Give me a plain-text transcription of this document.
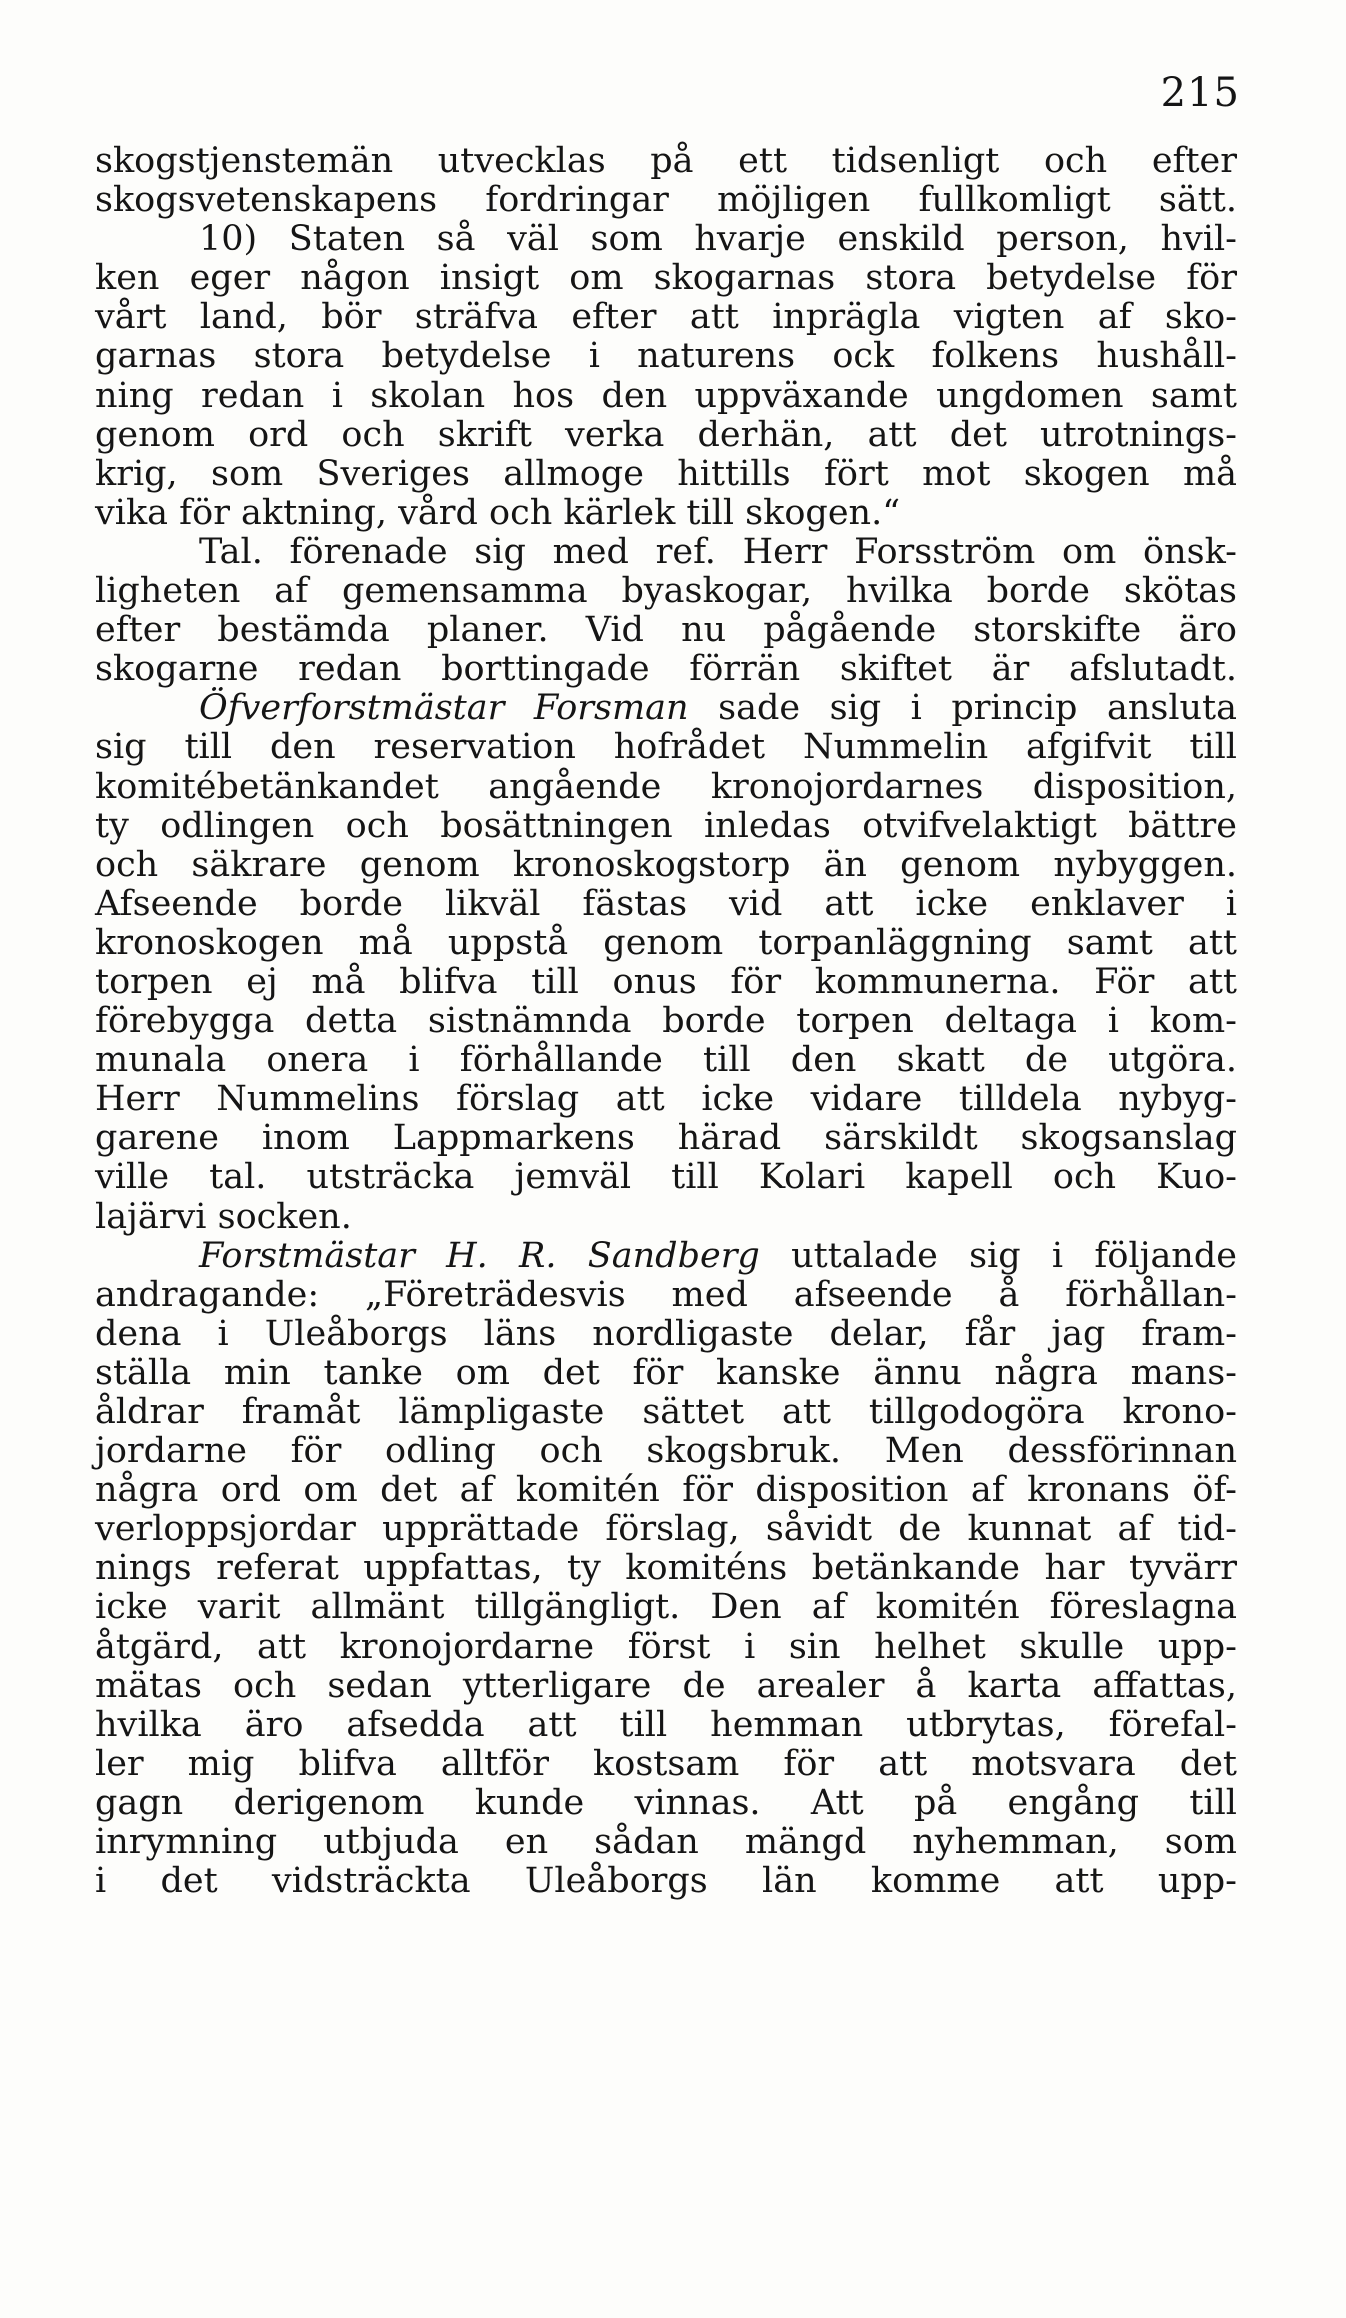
215
skogstjenstemän utvecklas på ett tidsenligt och efter
skogsvetenskapens fordringar möjligen fullkomligt sätt.
10) Staten så väl som hvarje enskild person, hvil-
ken eger någon insigt om skogarnas stora betydelse för
vårt land, bör sträfva efter att inprägla vigten af sko-
garnas stora betydelse i naturens ock folkens hushåll-
ning redan i skolan hos den uppväxande ungdomen samt
genom ord och skrift verka derhän, att det utrotnings-
krig, som Sveriges allmoge hittills fört mot skogen må
vika för aktning, vård och kärlek till skogen.“
Tal. förenade sig med ref. Herr Forsström om önsk-
ligheten af gemensamma byaskogar, hvilka borde skötas
efter bestämda planer. Vid nu pågående storskifte äro
skogarne redan borttingade förrän skiftet är afslutadt.
Öfverforstmästar Forsman sade sig i princip ansluta
sig till den reservation hofrådet Nummelin afgifvit till
komitébetänkandet angående kronojordarnes disposition,
ty odlingen och bosättningen inledas otvifvelaktigt bättre
och säkrare genom kronoskogstorp än genom nybyggen.
Afseende borde likväl fästas vid att icke enklaver i
kronoskogen må uppstå genom torpanläggning samt att
torpen ej må blifva till onus för kommunerna. För att
förebygga detta sistnämnda borde torpen deltaga i kom-
munala onera i förhållande till den skatt de utgöra.
Herr Nummelins förslag att icke vidare tilldela nybyg-
garene inom Lappmarkens härad särskildt skogsanslag
ville tal. utsträcka jemväl till Kolari kapell och Kuo-
lajärvi socken.
Forstmästar H. R. Sandberg uttalade sig i följande
andragande: „Företrädesvis med afseende å förhållan-
dena i Uleåborgs läns nordligaste delar, får jag fram-
ställa min tanke om det för kanske ännu några mans-
åldrar framåt lämpligaste sättet att tillgodogöra krono-
jordarne för odling och skogsbruk. Men dessförinnan
några ord om det af komitén för disposition af kronans öf-
verloppsjordar upprättade förslag, såvidt de kunnat af tid-
nings referat uppfattas, ty komiténs betänkande har tyvärr
icke varit allmänt tillgängligt. Den af komitén föreslagna
åtgärd, att kronojordarne först i sin helhet skulle upp-
mätas och sedan ytterligare de arealer å karta affattas,
hvilka äro afsedda att till hemman utbrytas, förefal-
ler mig blifva alltför kostsam för att motsvara det
gagn derigenom kunde vinnas. Att på engång till
inrymning utbjuda en sådan mängd nyhemman, som
i det vidsträckta Uleåborgs län komme att upp-
